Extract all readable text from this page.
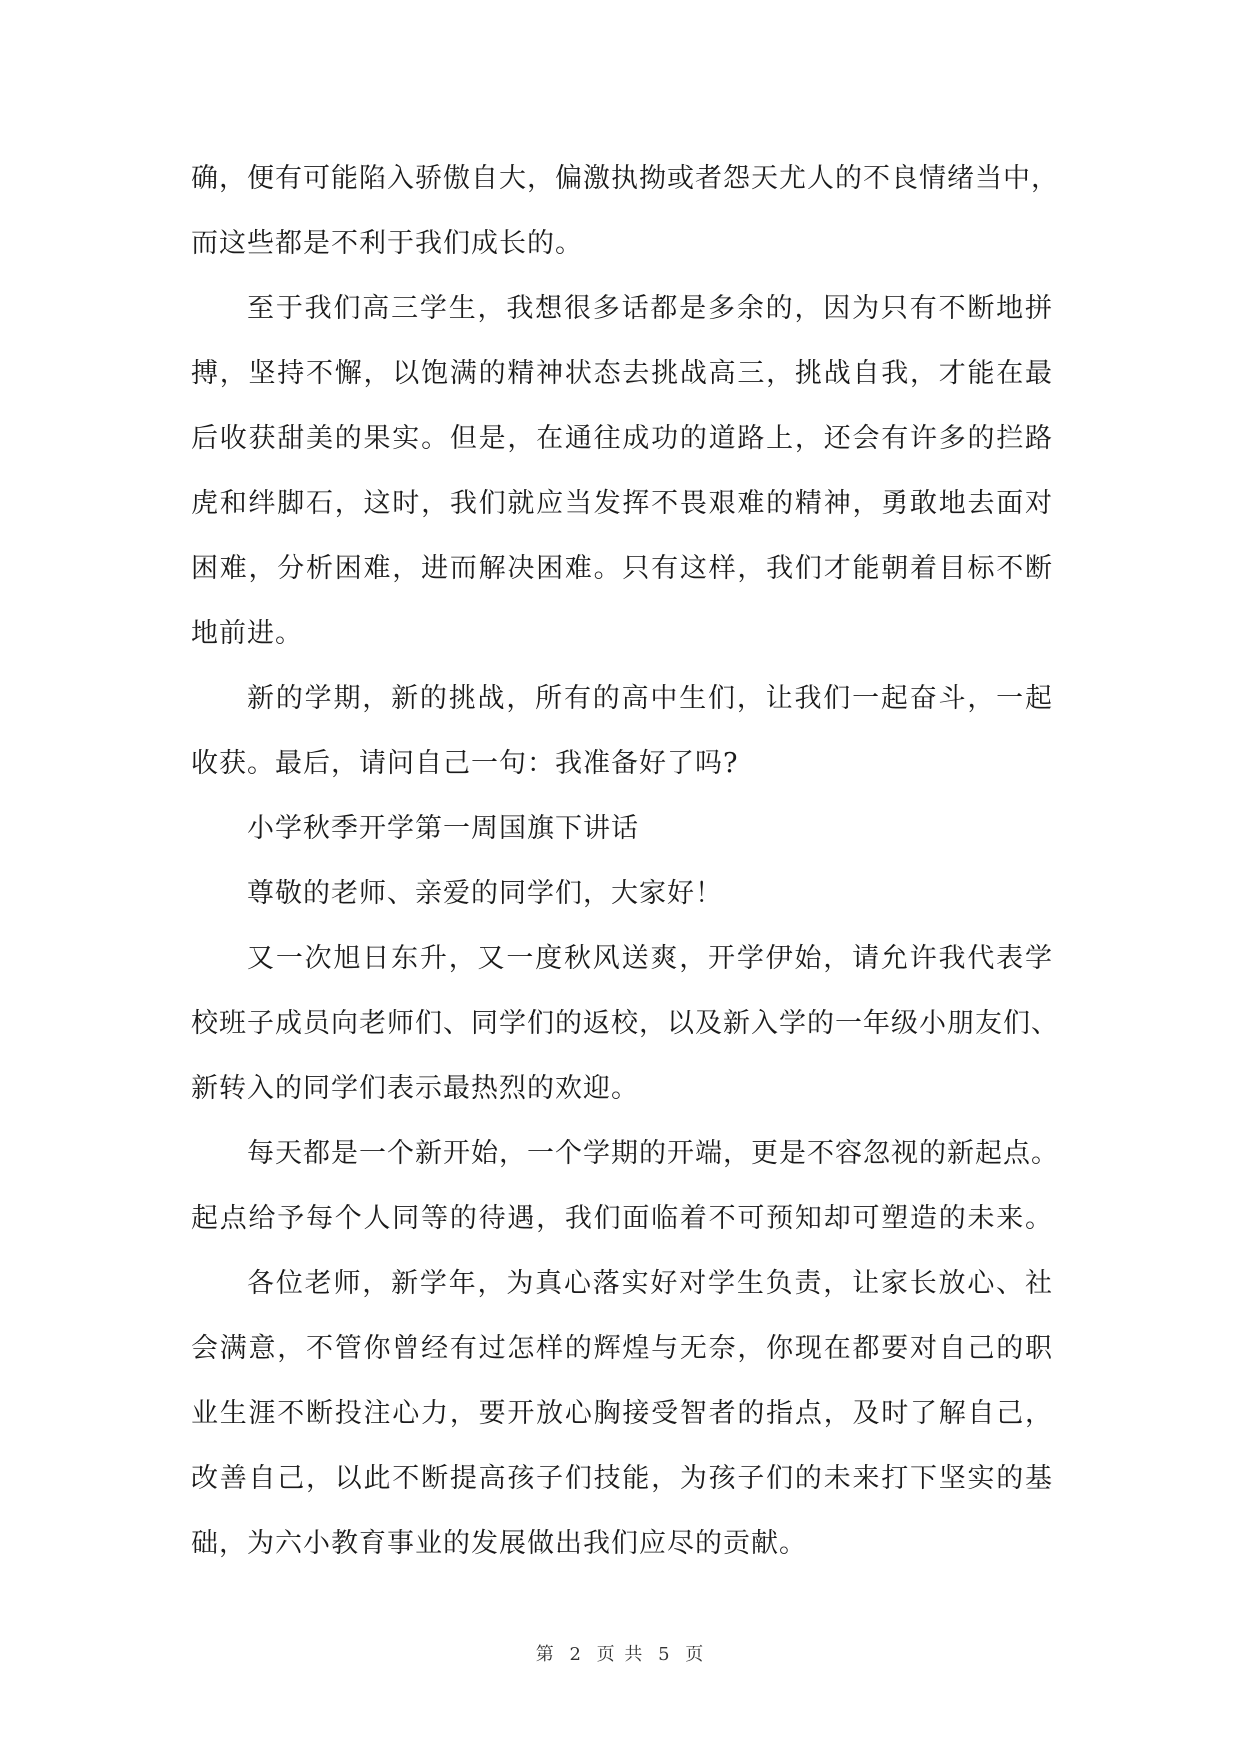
确，便有可能陷入骄傲自大，偏激执拗或者怨天尤人的不良情绪当中，
而这些都是不利于我们成长的。
至于我们高三学生，我想很多话都是多余的，因为只有不断地拼
搏，坚持不懈，以饱满的精神状态去挑战高三，挑战自我，才能在最
后收获甜美的果实。但是，在通往成功的道路上，还会有许多的拦路
虎和绊脚石，这时，我们就应当发挥不畏艰难的精神，勇敢地去面对
困难，分析困难，进而解决困难。只有这样，我们才能朝着目标不断
地前进。
新的学期，新的挑战，所有的高中生们，让我们一起奋斗，一起
收获。最后，请问自己一句：我准备好了吗?
小学秋季开学第一周国旗下讲话
尊敬的老师、亲爱的同学们，大家好！
又一次旭日东升，又一度秋风送爽，开学伊始，请允许我代表学
校班子成员向老师们、同学们的返校，以及新入学的一年级小朋友们、
新转入的同学们表示最热烈的欢迎。
每天都是一个新开始，一个学期的开端，更是不容忽视的新起点。
起点给予每个人同等的待遇，我们面临着不可预知却可塑造的未来。
各位老师，新学年，为真心落实好对学生负责，让家长放心、社
会满意，不管你曾经有过怎样的辉煌与无奈，你现在都要对自己的职
业生涯不断投注心力，要开放心胸接受智者的指点，及时了解自己，
改善自己，以此不断提高孩子们技能，为孩子们的未来打下坚实的基
础，为六小教育事业的发展做出我们应尽的贡献。
第 2 页 共 5 页
